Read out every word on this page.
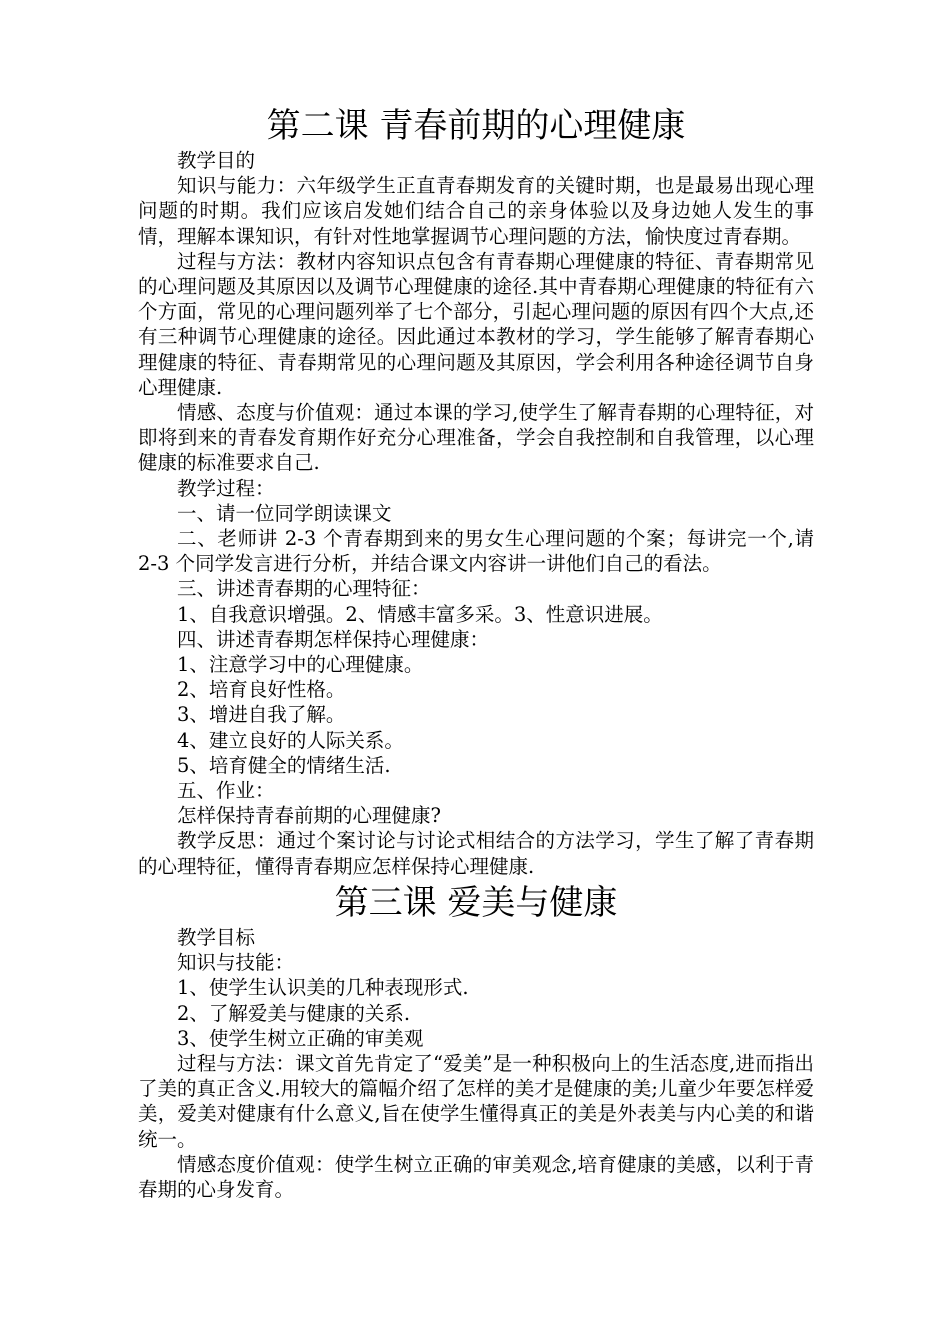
第二课 青春前期的心理健康

教学目的

知识与能力：六年级学生正直青春期发育的关键时期，也是最易出现心理问题的时期。我们应该启发她们结合自己的亲身体验以及身边她人发生的事情，理解本课知识，有针对性地掌握调节心理问题的方法，愉快度过青春期。

过程与方法：教材内容知识点包含有青春期心理健康的特征、青春期常见的心理问题及其原因以及调节心理健康的途径.其中青春期心理健康的特征有六个方面，常见的心理问题列举了七个部分，引起心理问题的原因有四个大点,还有三种调节心理健康的途径。因此通过本教材的学习，学生能够了解青春期心理健康的特征、青春期常见的心理问题及其原因，学会利用各种途径调节自身心理健康.

情感、态度与价值观：通过本课的学习,使学生了解青春期的心理特征，对即将到来的青春发育期作好充分心理准备，学会自我控制和自我管理，以心理健康的标准要求自己.

教学过程：

一、请一位同学朗读课文

二、老师讲 2-3 个青春期到来的男女生心理问题的个案；每讲完一个,请 2-3 个同学发言进行分析，并结合课文内容讲一讲他们自己的看法。

三、讲述青春期的心理特征：

1、自我意识增强。2、情感丰富多采。3、性意识进展。

四、讲述青春期怎样保持心理健康：

1、注意学习中的心理健康。

2、培育良好性格。

3、增进自我了解。

4、建立良好的人际关系。

5、培育健全的情绪生活.

五、作业：

怎样保持青春前期的心理健康?

教学反思：通过个案讨论与讨论式相结合的方法学习，学生了解了青春期的心理特征，懂得青春期应怎样保持心理健康.

第三课 爱美与健康

教学目标

知识与技能：

1、使学生认识美的几种表现形式.

2、了解爱美与健康的关系.

3、使学生树立正确的审美观

过程与方法：课文首先肯定了“爱美”是一种积极向上的生活态度,进而指出了美的真正含义.用较大的篇幅介绍了怎样的美才是健康的美;儿童少年要怎样爱美，爱美对健康有什么意义,旨在使学生懂得真正的美是外表美与内心美的和谐统一。

情感态度价值观：使学生树立正确的审美观念,培育健康的美感，以利于青春期的心身发育。
